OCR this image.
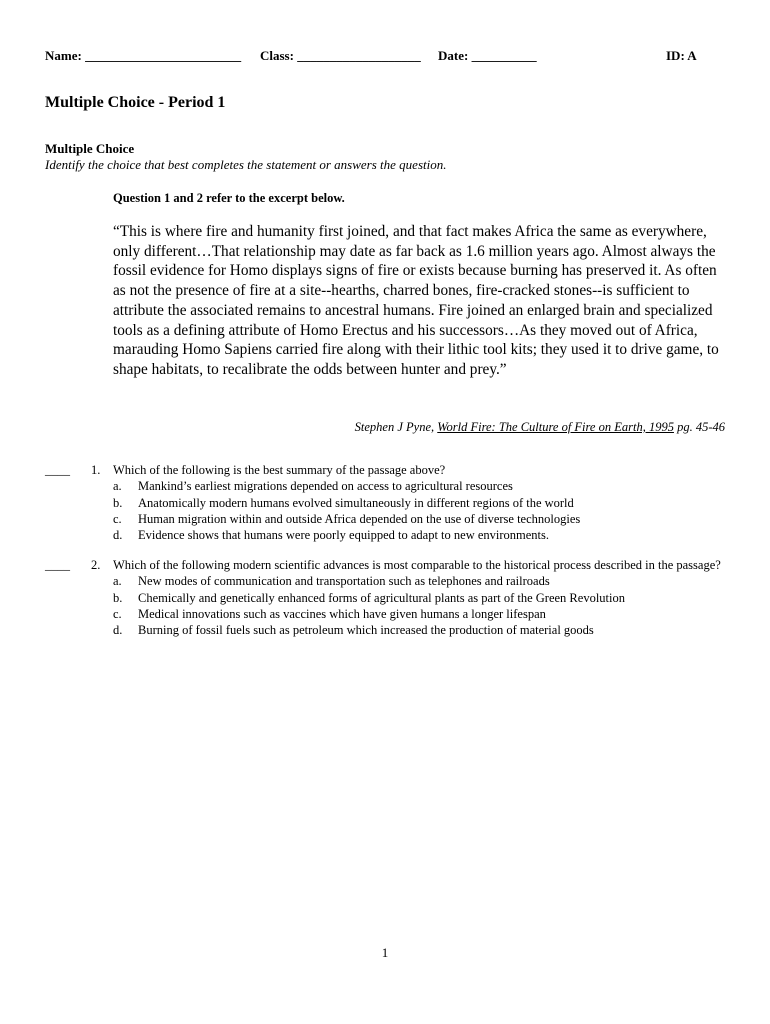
Name: ________________________ Class: ___________________ Date: __________	ID: A
Multiple Choice - Period 1
Multiple Choice
Identify the choice that best completes the statement or answers the question.
Question 1 and 2 refer to the excerpt below.
“This is where fire and humanity first joined, and that fact makes Africa the same as everywhere, only different…That relationship may date as far back as 1.6 million years ago. Almost always the fossil evidence for Homo displays signs of fire or exists because burning has preserved it. As often as not the presence of fire at a site--hearths, charred bones, fire-cracked stones--is sufficient to attribute the associated remains to ancestral humans. Fire joined an enlarged brain and specialized tools as a defining attribute of Homo Erectus and his successors…As they moved out of Africa, marauding Homo Sapiens carried fire along with their lithic tool kits; they used it to drive game, to shape habitats, to recalibrate the odds between hunter and prey.”
Stephen J Pyne, World Fire: The Culture of Fire on Earth, 1995 pg. 45-46
____ 1. Which of the following is the best summary of the passage above?
a. Mankind’s earliest migrations depended on access to agricultural resources
b. Anatomically modern humans evolved simultaneously in different regions of the world
c. Human migration within and outside Africa depended on the use of diverse technologies
d. Evidence shows that humans were poorly equipped to adapt to new environments.
____ 2. Which of the following modern scientific advances is most comparable to the historical process described in the passage?
a. New modes of communication and transportation such as telephones and railroads
b. Chemically and genetically enhanced forms of agricultural plants as part of the Green Revolution
c. Medical innovations such as vaccines which have given humans a longer lifespan
d. Burning of fossil fuels such as petroleum which increased the production of material goods
1
